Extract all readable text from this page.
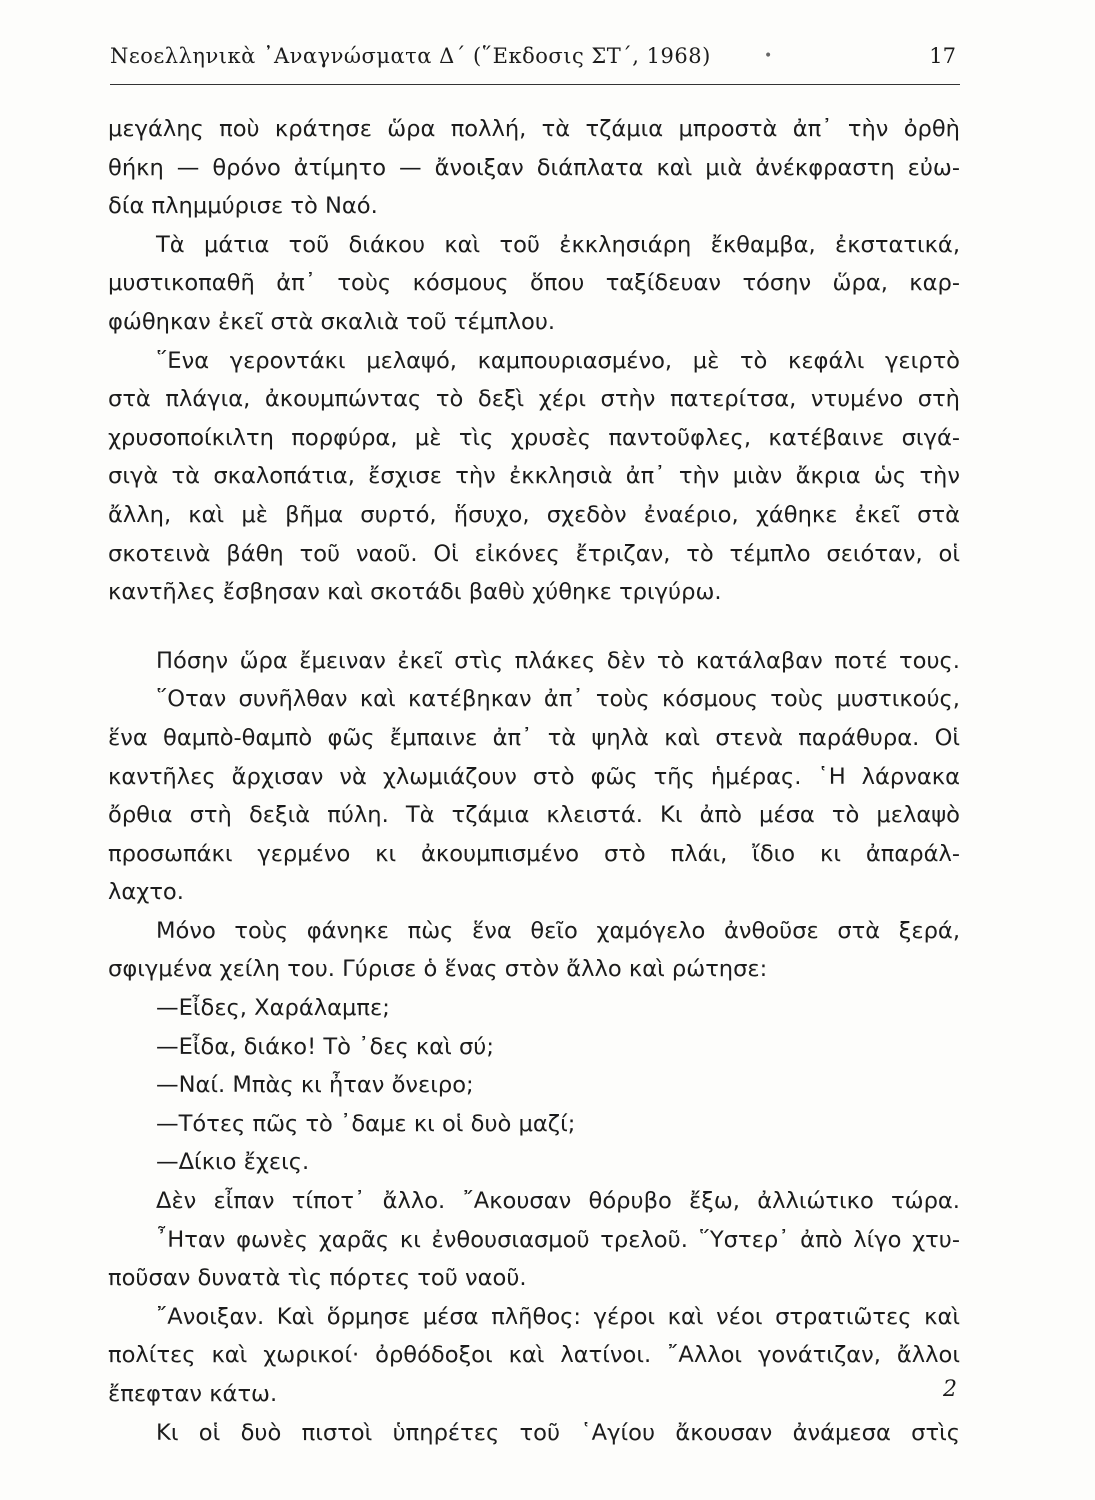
Νεοελληνικὰ ᾿Αναγνώσματα Δ΄ (῞Εκδοσις ΣΤ΄, 1968)	•	17
μεγάλης ποὺ κράτησε ὥρα πολλή, τὰ τζάμια μπροστὰ ἀπ᾿ τὴν ὀρθὴ
θήκη — θρόνο ἀτίμητο — ἄνοιξαν διάπλατα καὶ μιὰ ἀνέκφραστη εὐω-
δία πλημμύρισε τὸ Ναό.
Τὰ μάτια τοῦ διάκου καὶ τοῦ ἐκκλησιάρη ἔκθαμβα, ἐκστατικά,
μυστικοπαθῆ ἀπ᾿ τοὺς κόσμους ὅπου ταξίδευαν τόσην ὥρα, καρ-
φώθηκαν ἐκεῖ στὰ σκαλιὰ τοῦ τέμπλου.
῞Ενα γεροντάκι μελαψό, καμπουριασμένο, μὲ τὸ κεφάλι γειρτὸ
στὰ πλάγια, ἀκουμπώντας τὸ δεξὶ χέρι στὴν πατερίτσα, ντυμένο στὴ
χρυσοποίκιλτη πορφύρα, μὲ τὶς χρυσὲς παντοῦφλες, κατέβαινε σιγά-
σιγὰ τὰ σκαλοπάτια, ἔσχισε τὴν ἐκκλησιὰ ἀπ᾿ τὴν μιὰν ἄκρια ὡς τὴν
ἄλλη, καὶ μὲ βῆμα συρτό, ἥσυχο, σχεδὸν ἐναέριο, χάθηκε ἐκεῖ στὰ
σκοτεινὰ βάθη τοῦ ναοῦ. Οἱ εἰκόνες ἔτριζαν, τὸ τέμπλο σειόταν, οἱ
καντῆλες ἔσβησαν καὶ σκοτάδι βαθὺ χύθηκε τριγύρω.
Πόσην ὥρα ἔμειναν ἐκεῖ στὶς πλάκες δὲν τὸ κατάλαβαν ποτέ τους.
῞Οταν συνῆλθαν καὶ κατέβηκαν ἀπ᾿ τοὺς κόσμους τοὺς μυστικούς,
ἕνα θαμπὸ-θαμπὸ φῶς ἔμπαινε ἀπ᾿ τὰ ψηλὰ καὶ στενὰ παράθυρα. Οἱ
καντῆλες ἄρχισαν νὰ χλωμιάζουν στὸ φῶς τῆς ἡμέρας. ῾Η λάρνακα
ὄρθια στὴ δεξιὰ πύλη. Τὰ τζάμια κλειστά. Κι ἀπὸ μέσα τὸ μελαψὸ
προσωπάκι γερμένο κι ἀκουμπισμένο στὸ πλάι, ἴδιο κι ἀπαράλ-
λαχτο.
Μόνο τοὺς φάνηκε πὼς ἕνα θεῖο χαμόγελο ἀνθοῦσε στὰ ξερά,
σφιγμένα χείλη του. Γύρισε ὁ ἕνας στὸν ἄλλο καὶ ρώτησε:
—Εἶδες, Χαράλαμπε;
—Εἶδα, διάκο! Τὸ ᾿δες καὶ σύ;
—Ναί. Μπὰς κι ἦταν ὄνειρο;
—Τότες πῶς τὸ ᾿δαμε κι οἱ δυὸ μαζί;
—Δίκιο ἔχεις.
Δὲν εἶπαν τίποτ᾿ ἄλλο. ῎Ακουσαν θόρυβο ἔξω, ἀλλιώτικο τώρα.
῏Ηταν φωνὲς χαρᾶς κι ἐνθουσιασμοῦ τρελοῦ. ῞Υστερ᾿ ἀπὸ λίγο χτυ-
ποῦσαν δυνατὰ τὶς πόρτες τοῦ ναοῦ.
῎Ανοιξαν. Καὶ ὅρμησε μέσα πλῆθος: γέροι καὶ νέοι στρατιῶτες καὶ
πολίτες καὶ χωρικοί· ὀρθόδοξοι καὶ λατίνοι. ῎Αλλοι γονάτιζαν, ἄλλοι
ἔπεφταν κάτω.
Κι οἱ δυὸ πιστοὶ ὑπηρέτες τοῦ ῾Αγίου ἄκουσαν ἀνάμεσα στὶς
2
